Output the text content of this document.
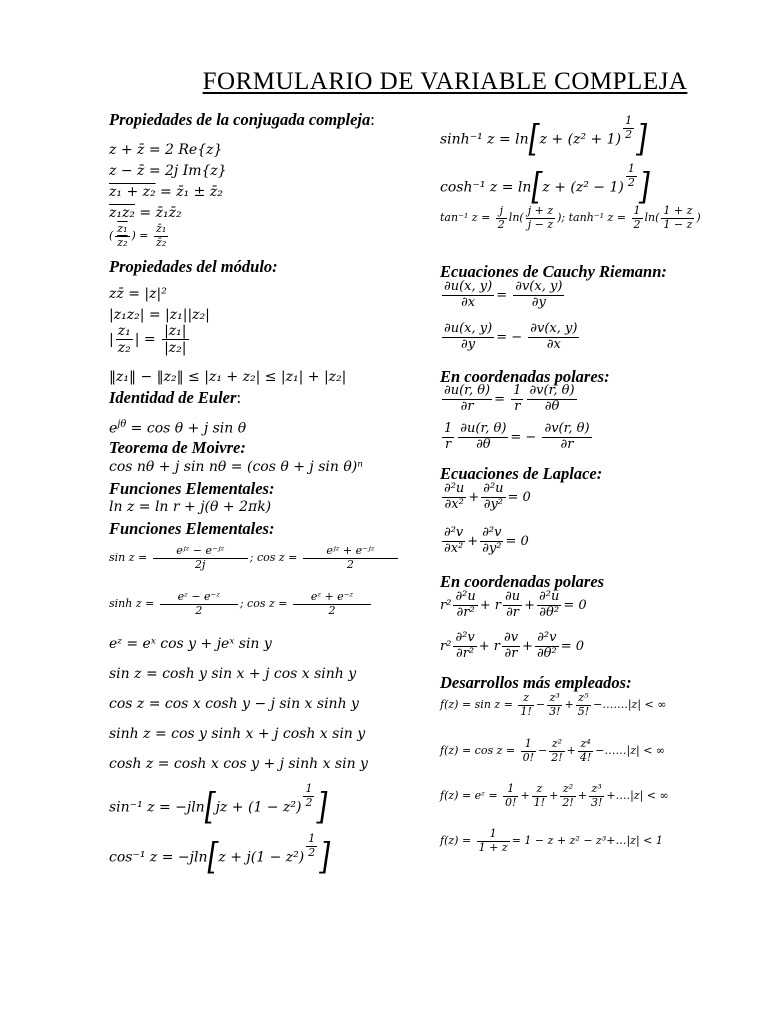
FORMULARIO DE VARIABLE COMPLEJA
Propiedades de la conjugada compleja:
z + z̄ = 2 Re{z}
z − z̄ = 2j Im{z}
z₁ + z₂ = z̄₁ ± z̄₂
z₁z₂ = z̄₁z̄₂
( $\frac{\text{z₁}}{\text{z₂}}$ ) = $\frac{\text{z̄₁}}{\text{z̄₂}}$
Propiedades del módulo:
zz̄ = |z|²
|z₁z₂| = |z₁||z₂|
| $\frac{\text{z₁}}{\text{z₂}}$ | = $\frac{\text{|z₁|}}{\text{|z₂|}}$
‖z₁‖ − ‖z₂‖ ≤ |z₁ + z₂| ≤ |z₁| + |z₂|
Identidad de Euler:
$e^{j\theta} = \cos \theta + j$ sin θ
Teorema de Moivre:
cos nθ + j sin nθ = (cos θ + j sin θ)ⁿ
Funciones Elementales:
ln z = ln r + j(θ + 2πk)
Funciones Elementales:
$\sin z = \frac{\text{eʲᶻ − e⁻ʲᶻ}}{2j}$ ; $\cos z = \frac{\text{eʲᶻ + e⁻ʲᶻ}}{2}$
$\sinh z = \frac{\text{eᶻ − e⁻ᶻ}}{2}$ ; $\cos z = \frac{\text{eᶻ + e⁻ᶻ}}{2}$
eᶻ = eˣ cos y + jeˣ sin y
sin z = cosh y sin x + j cos x sinh y
cos z = cos x cosh y − j sin x sinh y
sinh z = cos y sinh x + j cosh x sin y
cosh z = cosh x cos y + j sinh x sin y
sin⁻¹ $z = -jln[jz + (1 - z^2) \frac{1}{2}$ ]
cos⁻¹ $z = -jln[z + j(1 - z^2) \frac{1}{2}$ ]
sinh⁻¹ $z = \ln[z + (z^2 + 1) \frac{1}{2}$ ]
cosh⁻¹ $z = \ln[z + (z^2 - 1) \frac{1}{2}$ ]
tan⁻¹ $z = \frac{j}{2} \ln( \frac{j + z}{j - z}$ ); tanh⁻¹ $z = \frac{1}{2} \ln( \frac{1 + z}{1 - z}$ )
Ecuaciones de Cauchy Riemann:
$\frac{\partial u(x, y)}{\partial x} = \frac{\partial v(x, y)}{\partial y}$
$\frac{\partial u(x, y)}{\partial y}$ = − $\frac{\partial v(x, y)}{\partial x}$
En coordenadas polares:
$\frac{\partial u(r, \theta)}{\partial r} = \frac{1}{r} \frac{\partial v(r, \theta)}{\partial\theta}$
$\frac{1}{r} \frac{\partial u(r, \theta)}{\partial\theta}$ = − $\frac{\partial v(r, \theta)}{\partial r}$
Ecuaciones de Laplace:
$\frac{\text{∂²u}}{\text{∂x²}} + \frac{\text{∂²u}}{\text{∂y²}} = 0$
$\frac{\text{∂²v}}{\text{∂x²}} + \frac{\text{∂²v}}{\text{∂y²}} = 0$
En coordenadas polares
$r^2 \frac{\text{∂²u}}{\text{∂r²}} + r \frac{\partial u}{\partial r} + \frac{\text{∂²u}}{\text{∂θ²}} = 0$
$r^2 \frac{\text{∂²v}}{\text{∂r²}} + r \frac{\partial v}{\partial r} + \frac{\text{∂²v}}{\text{∂θ²}} = 0$
Desarrollos más empleados:
$f(z) = \sin z = \frac{z}{1!} - \frac{\text{z³}}{3!} + \frac{\text{z⁵}}{5!}$ −…….|z| < ∞
$f(z) = \cos z = \frac{1}{0!} - \frac{\text{z²}}{2!} + \frac{\text{z⁴}}{4!}$ −……|z| < ∞
f(z) = eᶻ = $\frac{1}{0!} + \frac{z}{1!} + \frac{\text{z²}}{2!} + \frac{\text{z³}}{3!}$ +….|z| < ∞
$f(z) = \frac{1}{1 + z} = 1 - z + z^2$ − z³+…|z| < 1
